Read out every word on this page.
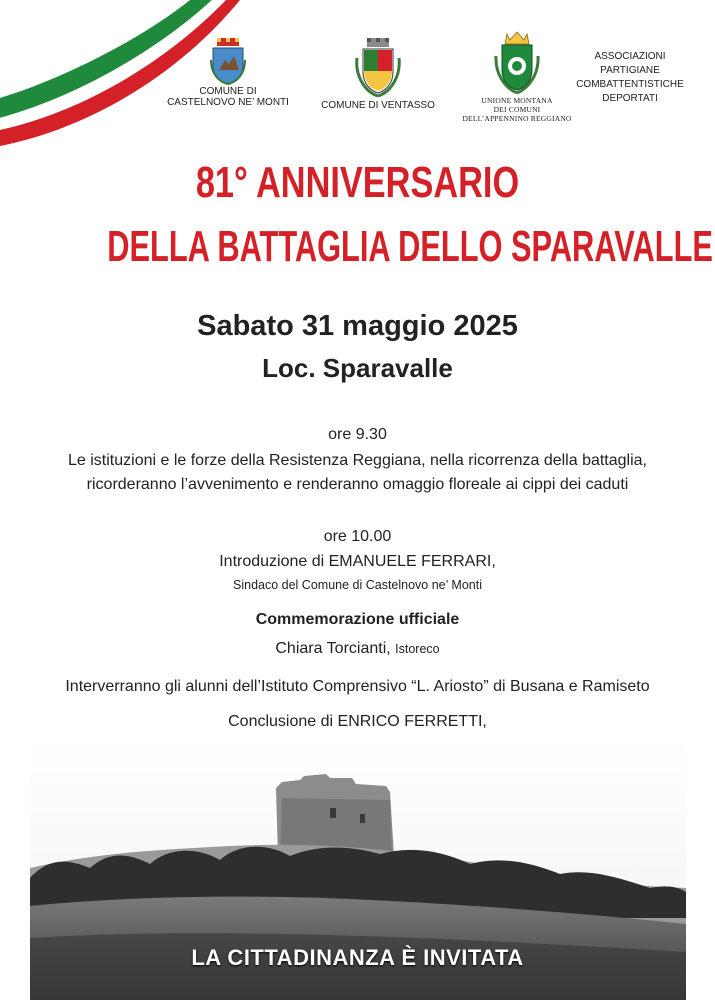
COMUNE DI
CASTELNOVO NE’ MONTI	COMUNE DI VENTASSO	UNIONE MONTANA
DEI COMUNI
DELL’APPENNINO REGGIANO
ASSOCIAZIONI
PARTIGIANE
COMBATTENTISTICHE
DEPORTATI
81° ANNIVERSARIO
DELLA BATTAGLIA DELLO SPARAVALLE
Sabato 31 maggio 2025
Loc. Sparavalle
ore 9.30
Le istituzioni e le forze della Resistenza Reggiana, nella ricorrenza della battaglia,
ricorderanno l’avvenimento e renderanno omaggio floreale ai cippi dei caduti
ore 10.00
Introduzione di EMANUELE FERRARI,
Sindaco del Comune di Castelnovo ne’ Monti
Commemorazione ufficiale
Chiara Torcianti, Istoreco
Interverranno gli alunni dell’Istituto Comprensivo “L. Ariosto” di Busana e Ramiseto
Conclusione di ENRICO FERRETTI,
LA CITTADINANZA È INVITATA
